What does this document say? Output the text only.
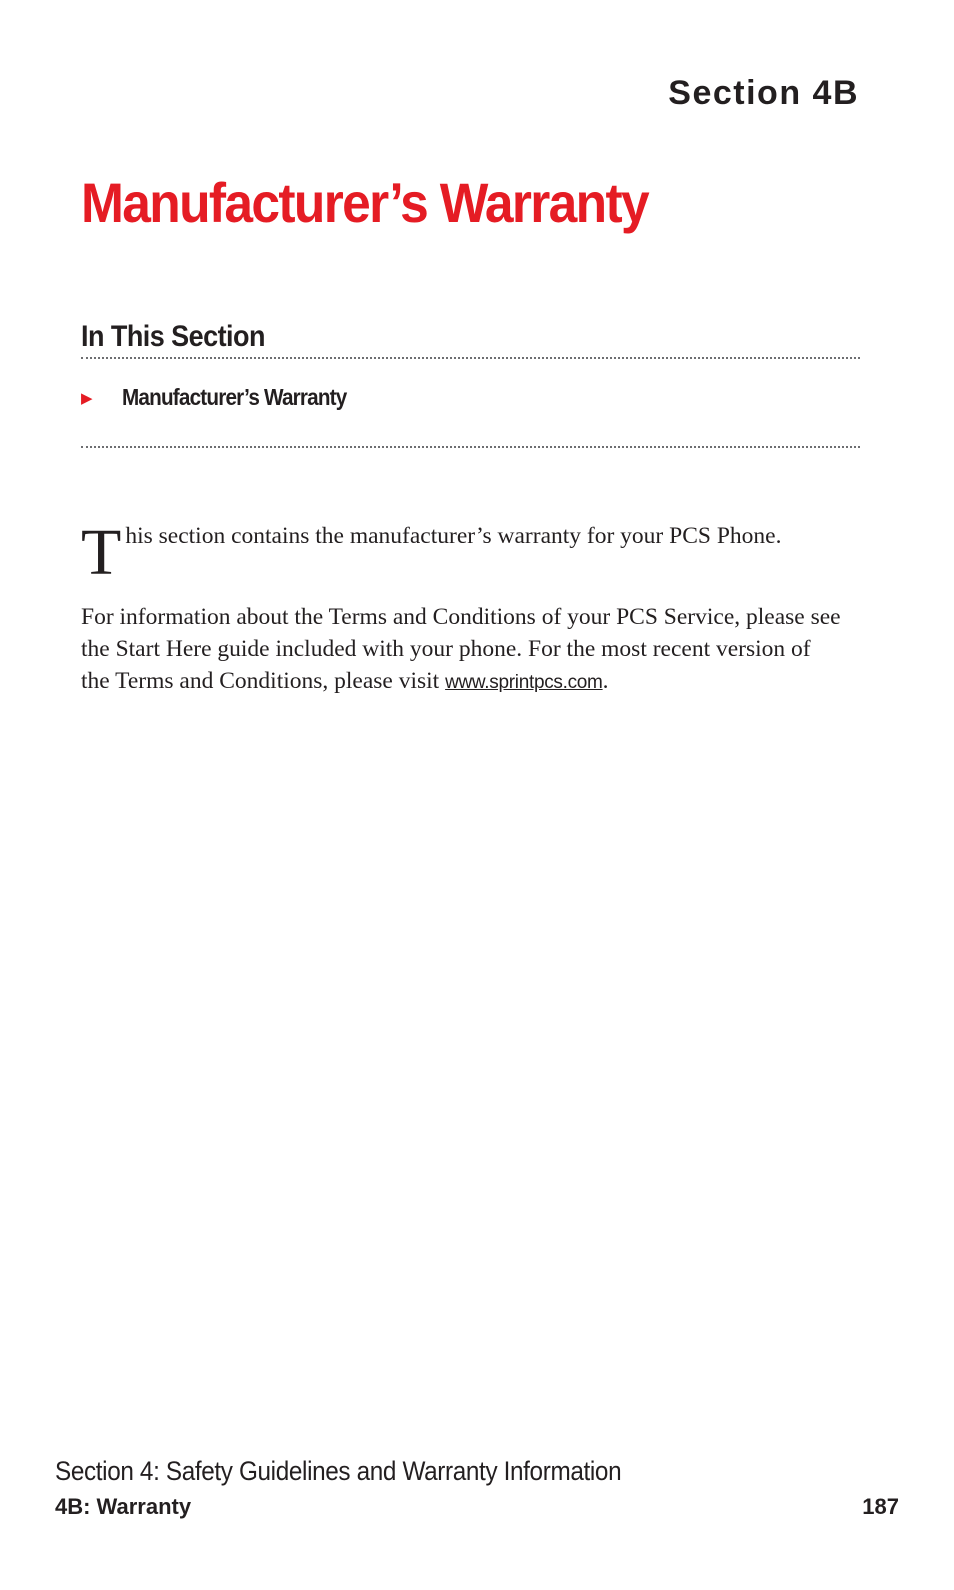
Section 4B
Manufacturer’s Warranty
In This Section
▶	Manufacturer’s Warranty
T his section contains the manufacturer’s warranty for your PCS Phone.

For information about the Terms and Conditions of your PCS Service, please see the Start Here guide included with your phone. For the most recent version of the Terms and Conditions, please visit www.sprintpcs.com.

Section 4: Safety Guidelines and Warranty Information
4B: Warranty	187
